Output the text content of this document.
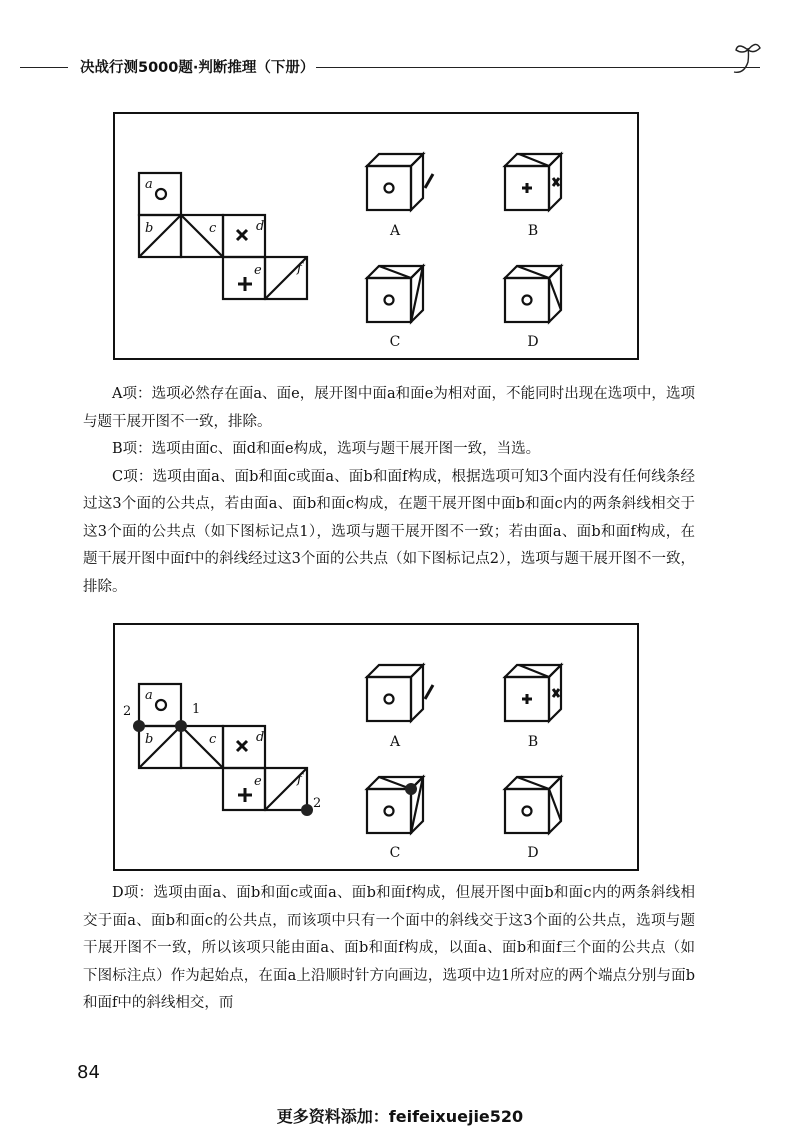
决战行测5000题·判断推理（下册）
a
b	c	d
e	f
A	B
C	D

A项：选项必然存在面a、面e，展开图中面a和面e为相对面，不能同时出现在选项中，选项与题干展开图不一致，排除。

B项：选项由面c、面d和面e构成，选项与题干展开图一致，当选。

C项：选项由面a、面b和面c或面a、面b和面f构成，根据选项可知3个面内没有任何线条经过这3个面的公共点，若由面a、面b和面c构成，在题干展开图中面b和面c内的两条斜线相交于这3个面的公共点（如下图标记点1），选项与题干展开图不一致；若由面a、面b和面f构成，在题干展开图中面f中的斜线经过这3个面的公共点（如下图标记点2），选项与题干展开图不一致，排除。

a
b	c	d
e	f
2	1
2
A	B
C	D

D项：选项由面a、面b和面c或面a、面b和面f构成，但展开图中面b和面c内的两条斜线相交于面a、面b和面c的公共点，而该项中只有一个面中的斜线交于这3个面的公共点，选项与题干展开图不一致，所以该项只能由面a、面b和面f构成，以面a、面b和面f三个面的公共点（如下图标注点）作为起始点，在面a上沿顺时针方向画边，选项中边1所对应的两个端点分别与面b和面f中的斜线相交，而

84
更多资料添加：feifeixuejie520
